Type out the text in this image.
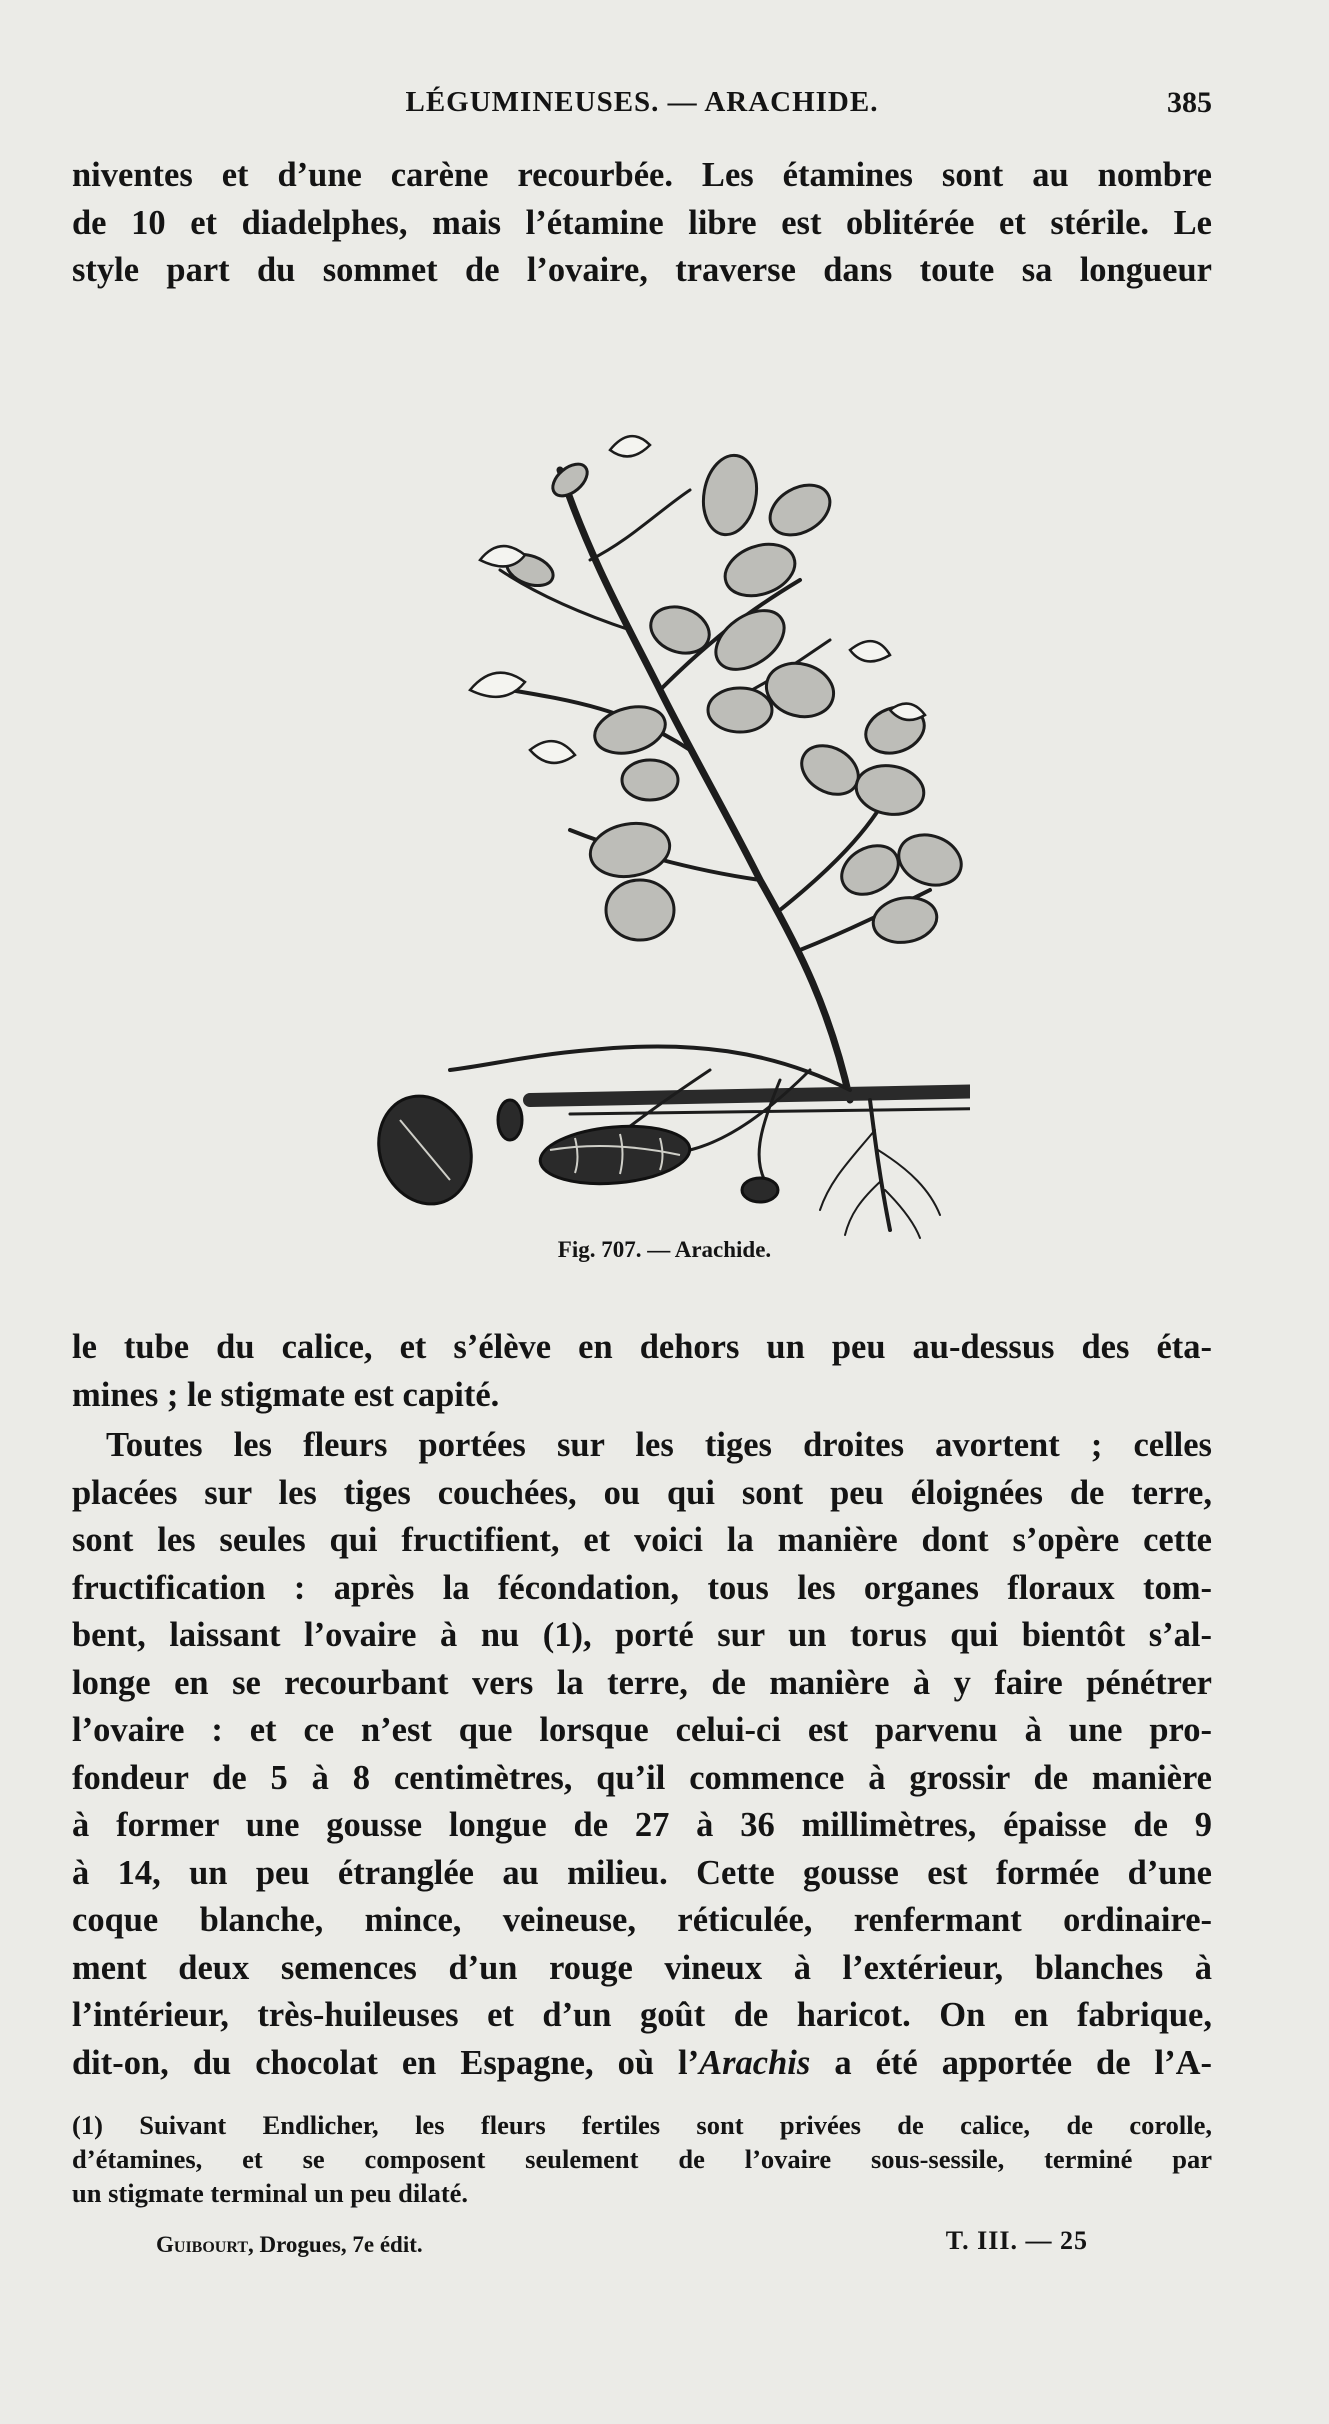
LÉGUMINEUSES. — ARACHIDE.	385
niventes et d’une carène recourbée. Les étamines sont au nombre
de 10 et diadelphes, mais l’étamine libre est oblitérée et stérile. Le
style part du sommet de l’ovaire, traverse dans toute sa longueur
Fig. 707. — Arachide.
le tube du calice, et s’élève en dehors un peu au-dessus des éta-
mines ; le stigmate est capité.
Toutes les fleurs portées sur les tiges droites avortent ; celles
placées sur les tiges couchées, ou qui sont peu éloignées de terre,
sont les seules qui fructifient, et voici la manière dont s’opère cette
fructification : après la fécondation, tous les organes floraux tom-
bent, laissant l’ovaire à nu (1), porté sur un torus qui bientôt s’al-
longe en se recourbant vers la terre, de manière à y faire pénétrer
l’ovaire : et ce n’est que lorsque celui-ci est parvenu à une pro-
fondeur de 5 à 8 centimètres, qu’il commence à grossir de manière
à former une gousse longue de 27 à 36 millimètres, épaisse de 9
à 14, un peu étranglée au milieu. Cette gousse est formée d’une
coque blanche, mince, veineuse, réticulée, renfermant ordinaire-
ment deux semences d’un rouge vineux à l’extérieur, blanches à
l’intérieur, très-huileuses et d’un goût de haricot. On en fabrique,
dit-on, du chocolat en Espagne, où l’Arachis a été apportée de l’A-
(1) Suivant Endlicher, les fleurs fertiles sont privées de calice, de corolle,
d’étamines, et se composent seulement de l’ovaire sous-sessile, terminé par
un stigmate terminal un peu dilaté.
Guibourt, Drogues, 7e édit.	T. III. — 25
